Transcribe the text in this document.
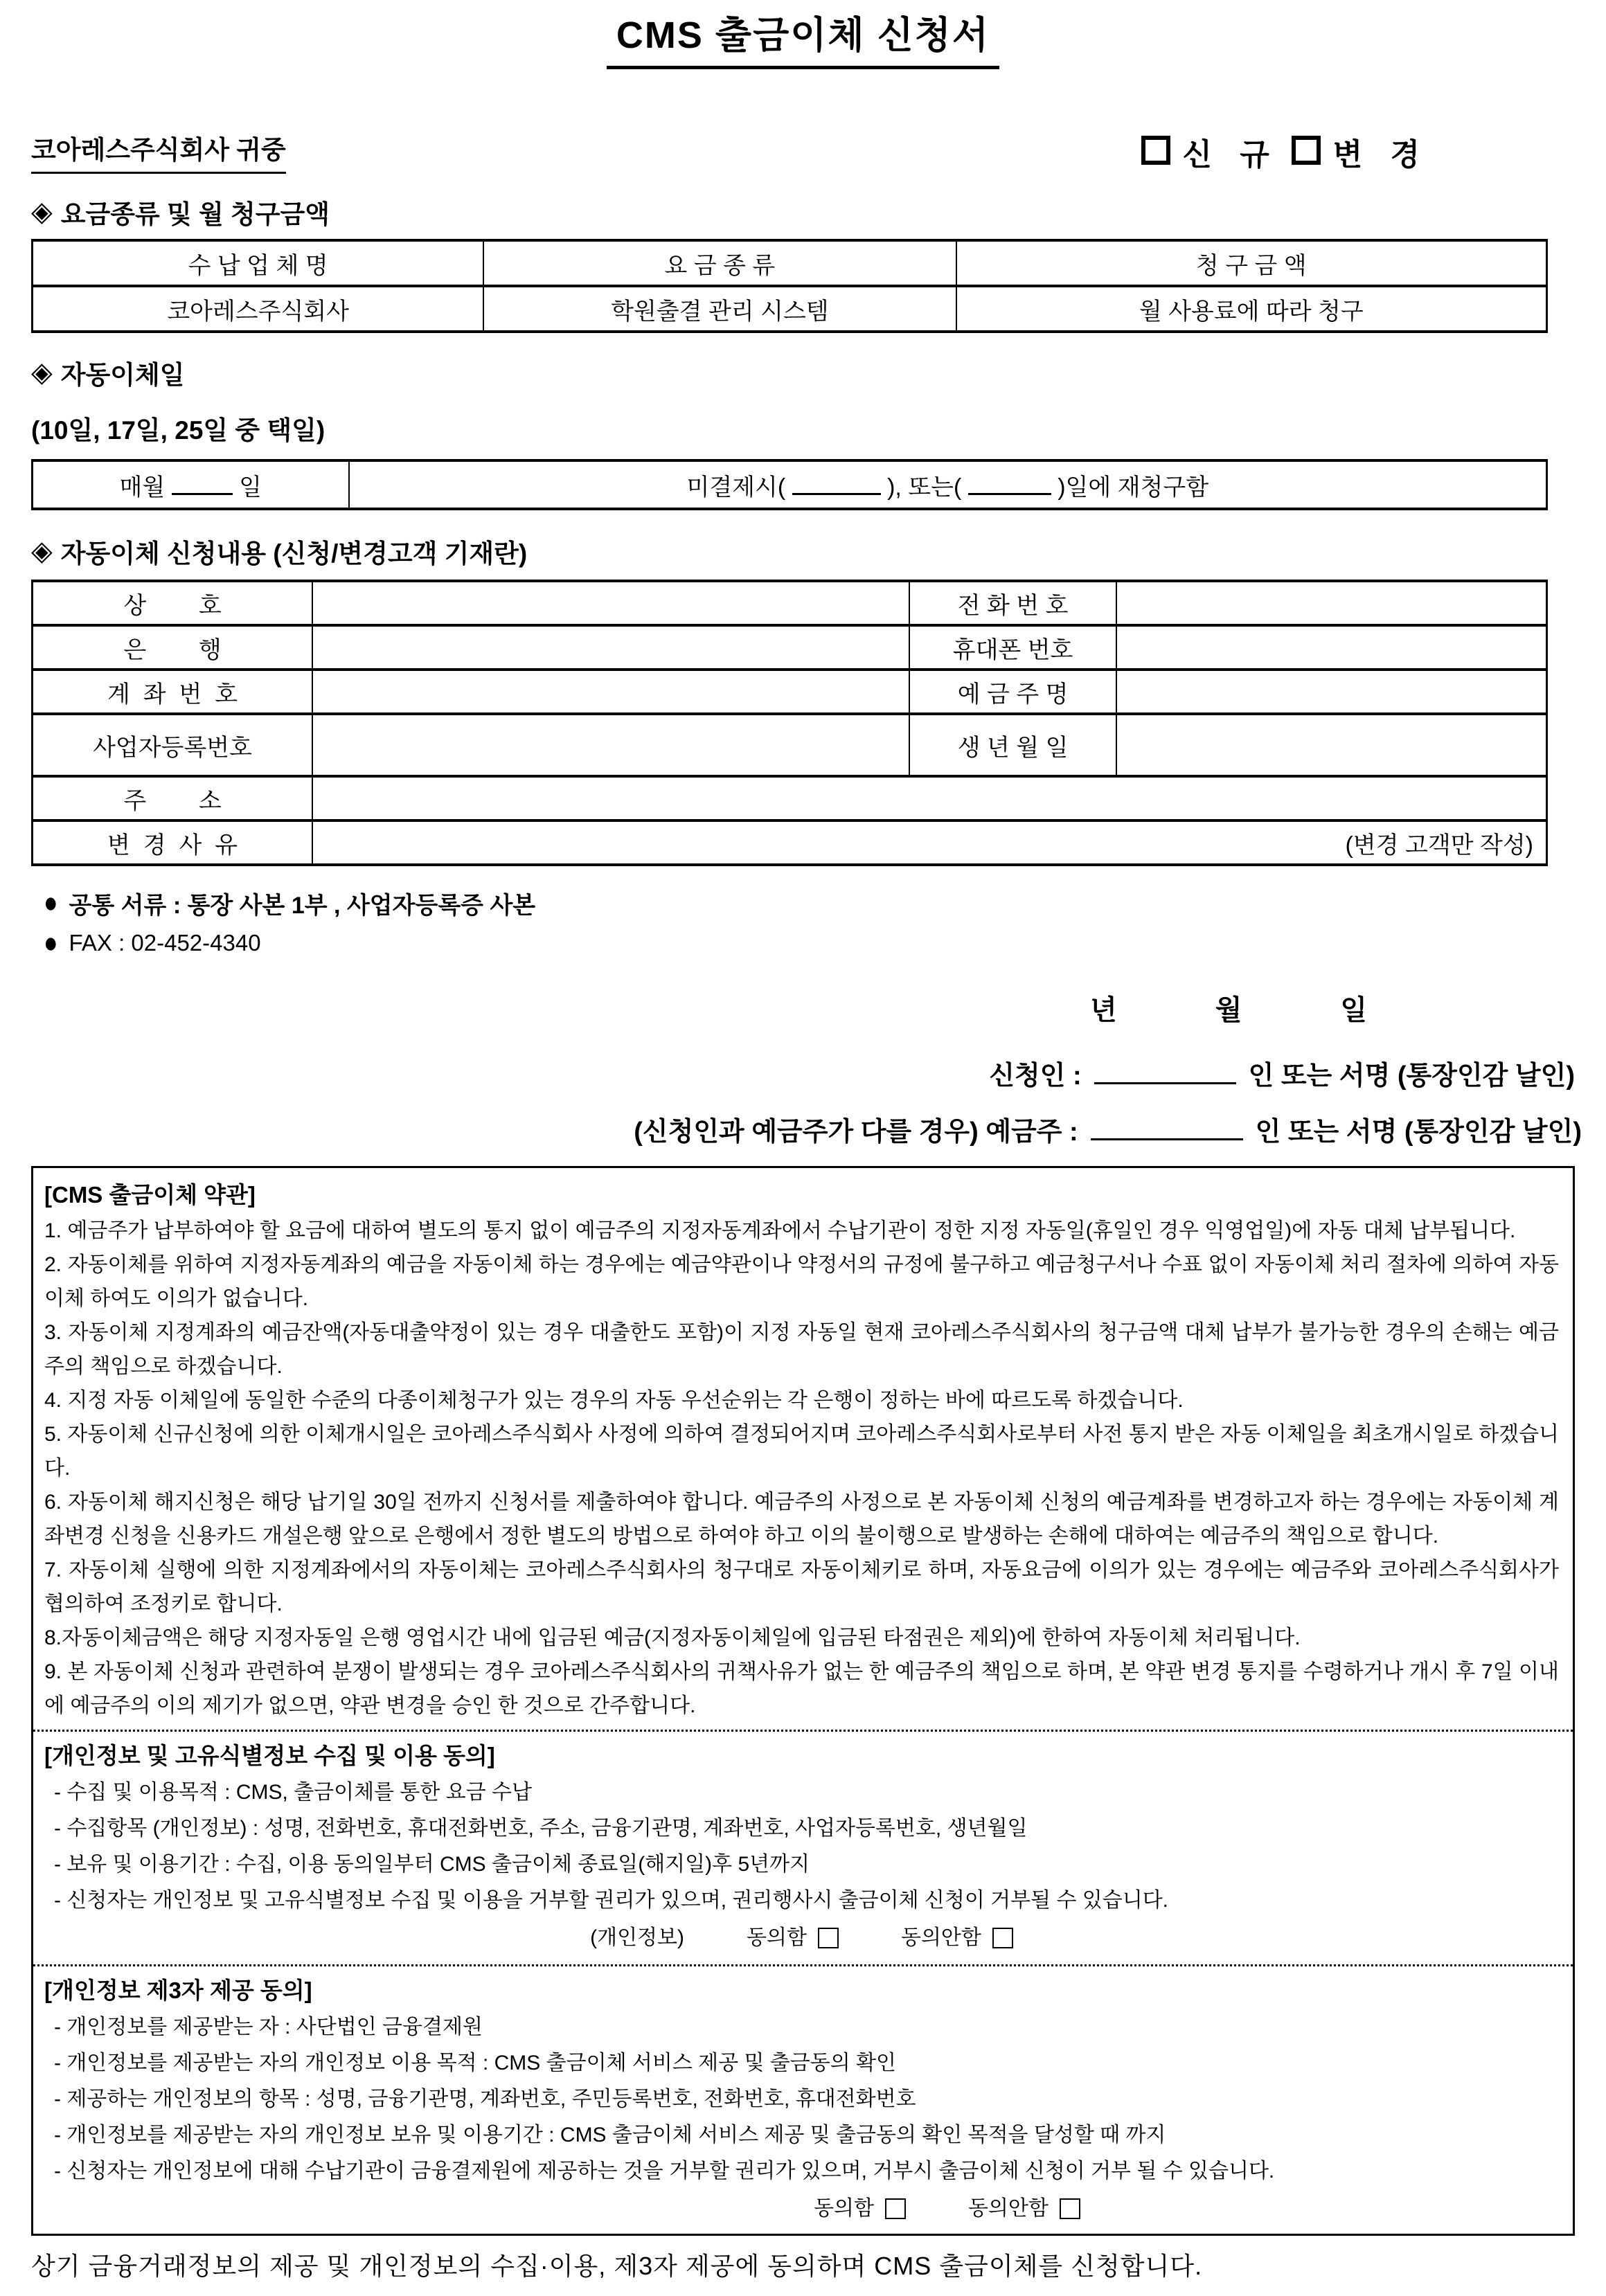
CMS 출금이체 신청서
코아레스주식회사 귀중	신 규 변 경
◈ 요금종류 및 월 청구금액
수 납 업 체 명	요 금 종 류	청 구 금 액
코아레스주식회사	학원출결 관리 시스템	월 사용료에 따라 청구
◈ 자동이체일
(10일, 17일, 25일 중 택일)
매월	일	미결제시(	), 또는(	)일에 재청구함
◈ 자동이체 신청내용 (신청/변경고객 기재란)
상        호		전 화 번 호	
은        행		휴대폰 번호	
계  좌  번  호		예 금 주 명	
사업자등록번호		생 년 월 일	
주        소			
변  경  사  유	(변경 고객만 작성)		
● 공통 서류 : 통장 사본 1부 , 사업자등록증 사본
● FAX : 02-452-4340
년	월	일
신청인 :	인 또는 서명 (통장인감 날인)
(신청인과 예금주가 다를 경우) 예금주 :	인 또는 서명 (통장인감 날인)
[CMS 출금이체 약관]

1. 예금주가 납부하여야 할 요금에 대하여 별도의 통지 없이 예금주의 지정자동계좌에서 수납기관이 정한 지정 자동일(휴일인 경우 익영업일)에 자동 대체 납부됩니다.

2. 자동이체를 위하여 지정자동계좌의 예금을 자동이체 하는 경우에는 예금약관이나 약정서의 규정에 불구하고 예금청구서나 수표 없이 자동이체 처리 절차에 의하여 자동이체 하여도 이의가 없습니다.

3. 자동이체 지정계좌의 예금잔액(자동대출약정이 있는 경우 대출한도 포함)이 지정 자동일 현재 코아레스주식회사의 청구금액 대체 납부가 불가능한 경우의 손해는 예금주의 책임으로 하겠습니다.

4. 지정 자동 이체일에 동일한 수준의 다종이체청구가 있는 경우의 자동 우선순위는 각 은행이 정하는 바에 따르도록 하겠습니다.

5. 자동이체 신규신청에 의한 이체개시일은 코아레스주식회사 사정에 의하여 결정되어지며 코아레스주식회사로부터 사전 통지 받은 자동 이체일을 최초개시일로 하겠습니다.

6. 자동이체 해지신청은 해당 납기일 30일 전까지 신청서를 제출하여야 합니다. 예금주의 사정으로 본 자동이체 신청의 예금계좌를 변경하고자 하는 경우에는 자동이체 계좌변경 신청을 신용카드 개설은행 앞으로 은행에서 정한 별도의 방법으로 하여야 하고 이의 불이행으로 발생하는 손해에 대하여는 예금주의 책임으로 합니다.

7. 자동이체 실행에 의한 지정계좌에서의 자동이체는 코아레스주식회사의 청구대로 자동이체키로 하며, 자동요금에 이의가 있는 경우에는 예금주와 코아레스주식회사가 협의하여 조정키로 합니다.

8.자동이체금액은 해당 지정자동일 은행 영업시간 내에 입금된 예금(지정자동이체일에 입금된 타점권은 제외)에 한하여 자동이체 처리됩니다.

9. 본 자동이체 신청과 관련하여 분쟁이 발생되는 경우 코아레스주식회사의 귀책사유가 없는 한 예금주의 책임으로 하며, 본 약관 변경 통지를 수령하거나 개시 후 7일 이내에 예금주의 이의 제기가 없으면, 약관 변경을 승인 한 것으로 간주합니다.

[개인정보 및 고유식별정보 수집 및 이용 동의]

- 수집 및 이용목적 : CMS, 출금이체를 통한 요금 수납

- 수집항목 (개인정보) : 성명, 전화번호, 휴대전화번호, 주소, 금융기관명, 계좌번호, 사업자등록번호, 생년월일

- 보유 및 이용기간 : 수집, 이용 동의일부터 CMS 출금이체 종료일(해지일)후 5년까지

- 신청자는 개인정보 및 고유식별정보 수집 및 이용을 거부할 권리가 있으며, 권리행사시 출금이체 신청이 거부될 수 있습니다.

(개인정보)	동의함	동의안함
[개인정보 제3자 제공 동의]

- 개인정보를 제공받는 자 : 사단법인 금융결제원

- 개인정보를 제공받는 자의 개인정보 이용 목적 : CMS 출금이체 서비스 제공 및 출금동의 확인

- 제공하는 개인정보의 항목 : 성명, 금융기관명, 계좌번호, 주민등록번호, 전화번호, 휴대전화번호

- 개인정보를 제공받는 자의 개인정보 보유 및 이용기간 : CMS 출금이체 서비스 제공 및 출금동의 확인 목적을 달성할 때 까지

- 신청자는 개인정보에 대해 수납기관이 금융결제원에 제공하는 것을 거부할 권리가 있으며, 거부시 출금이체 신청이 거부 될 수 있습니다.

동의함	동의안함
상기 금융거래정보의 제공 및 개인정보의 수집·이용, 제3자 제공에 동의하며 CMS 출금이체를 신청합니다.
